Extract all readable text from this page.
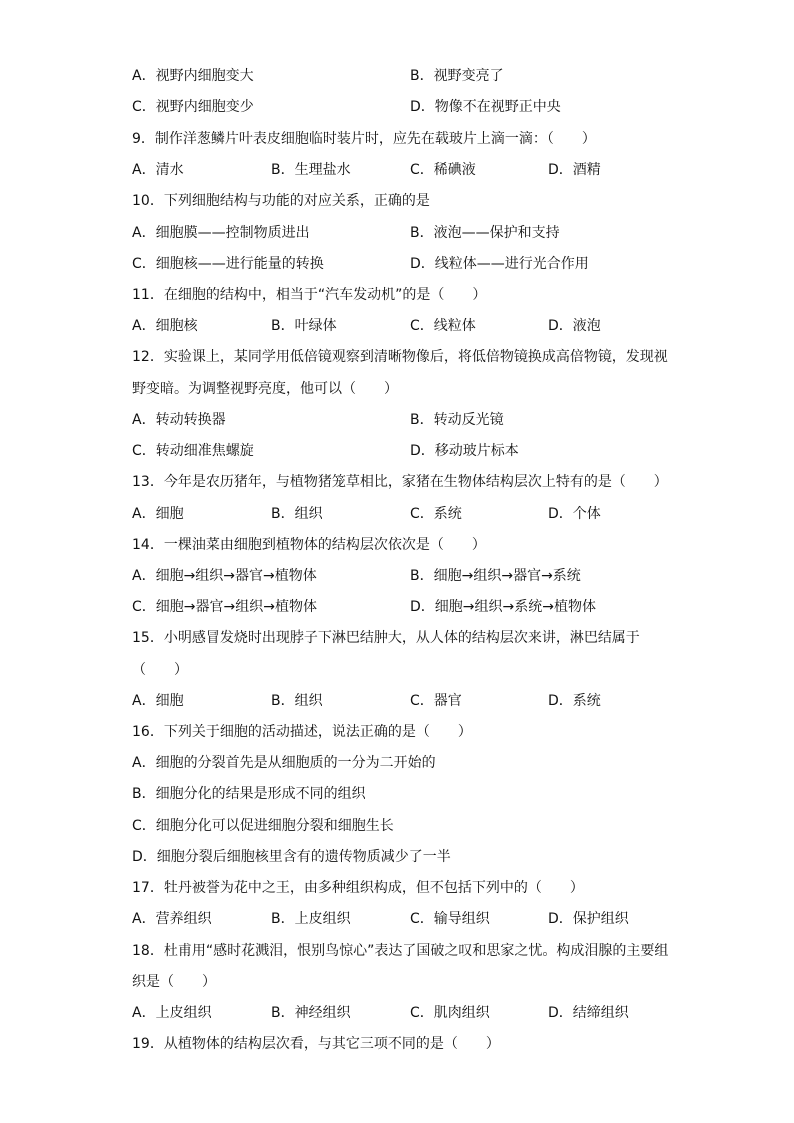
A．视野内细胞变大	B．视野变亮了
C．视野内细胞变少	D．物像不在视野正中央
9．制作洋葱鳞片叶表皮细胞临时装片时，应先在载玻片上滴一滴：（　　）
A．清水	B．生理盐水	C．稀碘液	D．酒精
10．下列细胞结构与功能的对应关系，正确的是
A．细胞膜——控制物质进出	B．液泡——保护和支持
C．细胞核——进行能量的转换	D．线粒体——进行光合作用
11．在细胞的结构中，相当于“汽车发动机”的是（　　）
A．细胞核	B．叶绿体	C．线粒体	D．液泡
12．实验课上，某同学用低倍镜观察到清晰物像后，将低倍物镜换成高倍物镜，发现视
野变暗。为调整视野亮度，他可以（　　）
A．转动转换器	B．转动反光镜
C．转动细准焦螺旋	D．移动玻片标本
13．今年是农历猪年，与植物猪笼草相比，家猪在生物体结构层次上特有的是（　　）
A．细胞	B．组织	C．系统	D．个体
14．一棵油菜由细胞到植物体的结构层次依次是（　　）
A．细胞→组织→器官→植物体	B．细胞→组织→器官→系统
C．细胞→器官→组织→植物体	D．细胞→组织→系统→植物体
15．小明感冒发烧时出现脖子下淋巴结肿大，从人体的结构层次来讲，淋巴结属于
（　　）
A．细胞	B．组织	C．器官	D．系统
16．下列关于细胞的活动描述，说法正确的是（　　）
A．细胞的分裂首先是从细胞质的一分为二开始的
B．细胞分化的结果是形成不同的组织
C．细胞分化可以促进细胞分裂和细胞生长
D．细胞分裂后细胞核里含有的遗传物质减少了一半
17．牡丹被誉为花中之王，由多种组织构成，但不包括下列中的（　　）
A．营养组织	B．上皮组织	C．输导组织	D．保护组织
18．杜甫用“感时花溅泪，恨别鸟惊心”表达了国破之叹和思家之忧。构成泪腺的主要组
织是（　　）
A．上皮组织	B．神经组织	C．肌肉组织	D．结缔组织
19．从植物体的结构层次看，与其它三项不同的是（　　）
